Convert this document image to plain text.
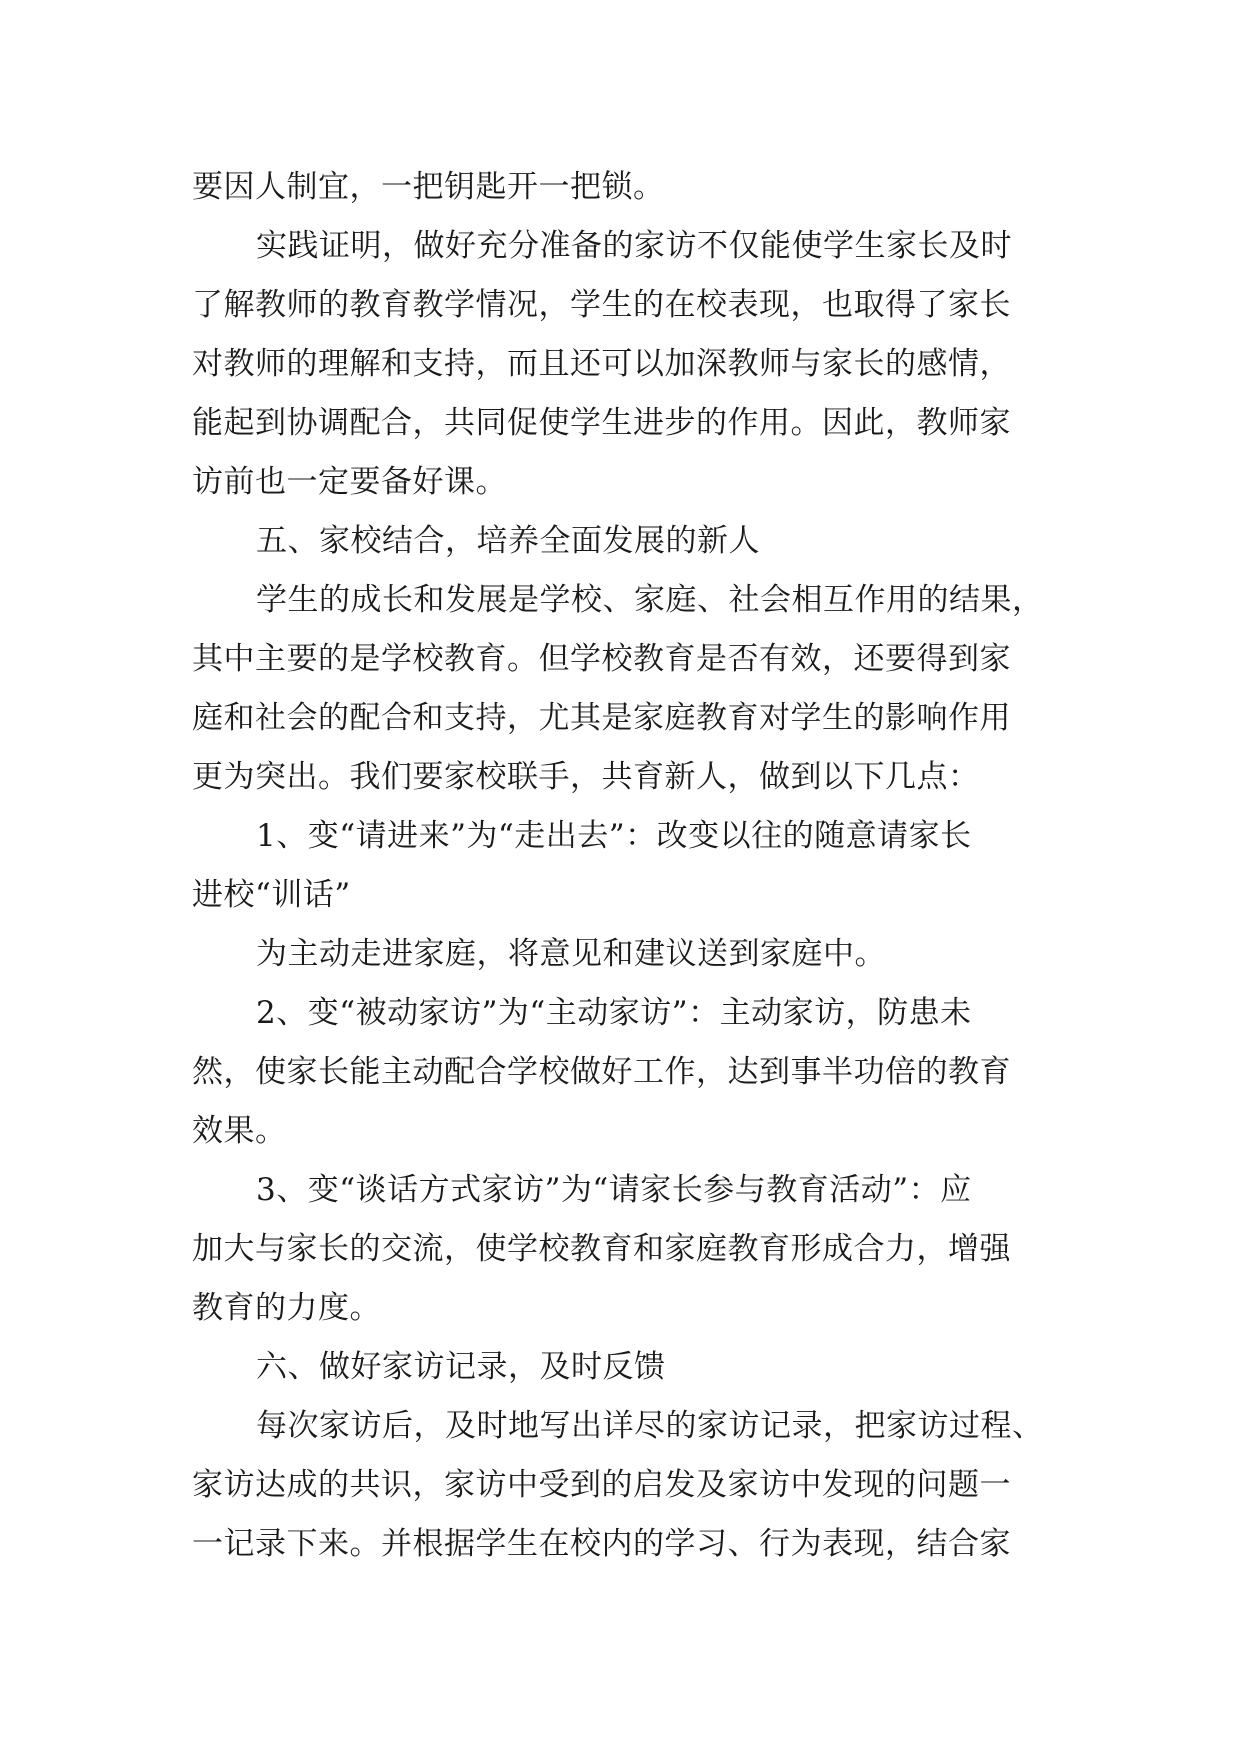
要因人制宜，一把钥匙开一把锁。
实践证明，做好充分准备的家访不仅能使学生家长及时
了解教师的教育教学情况，学生的在校表现，也取得了家长
对教师的理解和支持，而且还可以加深教师与家长的感情，
能起到协调配合，共同促使学生进步的作用。因此，教师家
访前也一定要备好课。
五、家校结合，培养全面发展的新人
学生的成长和发展是学校、家庭、社会相互作用的结果，
其中主要的是学校教育。但学校教育是否有效，还要得到家
庭和社会的配合和支持，尤其是家庭教育对学生的影响作用
更为突出。我们要家校联手，共育新人，做到以下几点：
1、变“请进来”为“走出去”：改变以往的随意请家长
进校“训话”
为主动走进家庭，将意见和建议送到家庭中。
2、变“被动家访”为“主动家访”：主动家访，防患未
然，使家长能主动配合学校做好工作，达到事半功倍的教育
效果。
3、变“谈话方式家访”为“请家长参与教育活动”：应
加大与家长的交流，使学校教育和家庭教育形成合力，增强
教育的力度。
六、做好家访记录，及时反馈
每次家访后，及时地写出详尽的家访记录，把家访过程、
家访达成的共识，家访中受到的启发及家访中发现的问题一
一记录下来。并根据学生在校内的学习、行为表现，结合家
